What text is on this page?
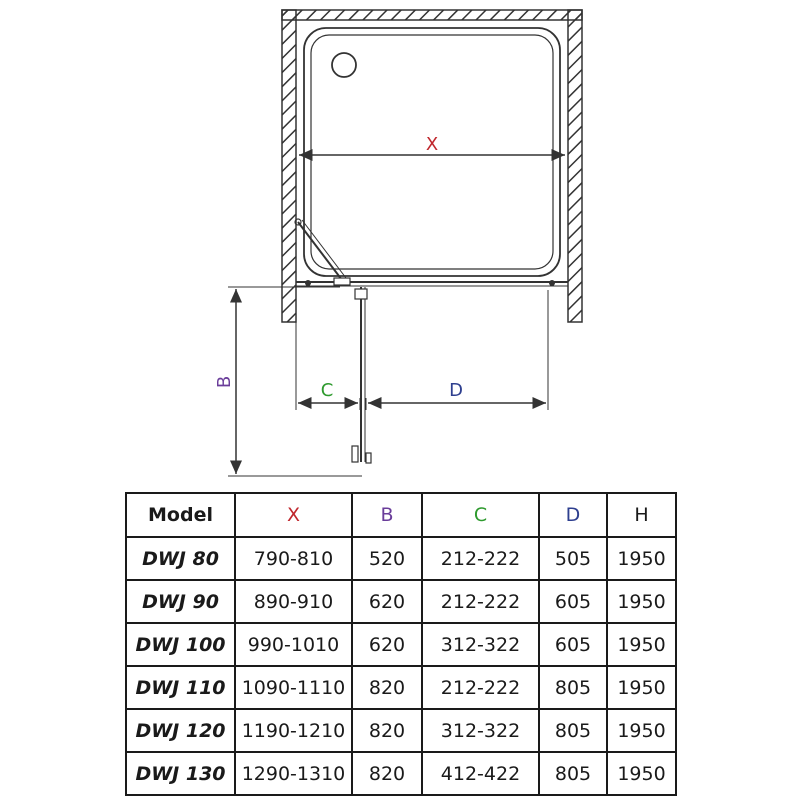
X
B	C	D
Model	X	B	C	D	H
DWJ 80	790-810	520	212-222	505	1950
DWJ 90	890-910	620	212-222	605	1950
DWJ 100	990-1010	620	312-322	605	1950
DWJ 110	1090-1110	820	212-222	805	1950
DWJ 120	1190-1210	820	312-322	805	1950
DWJ 130	1290-1310	820	412-422	805	1950
